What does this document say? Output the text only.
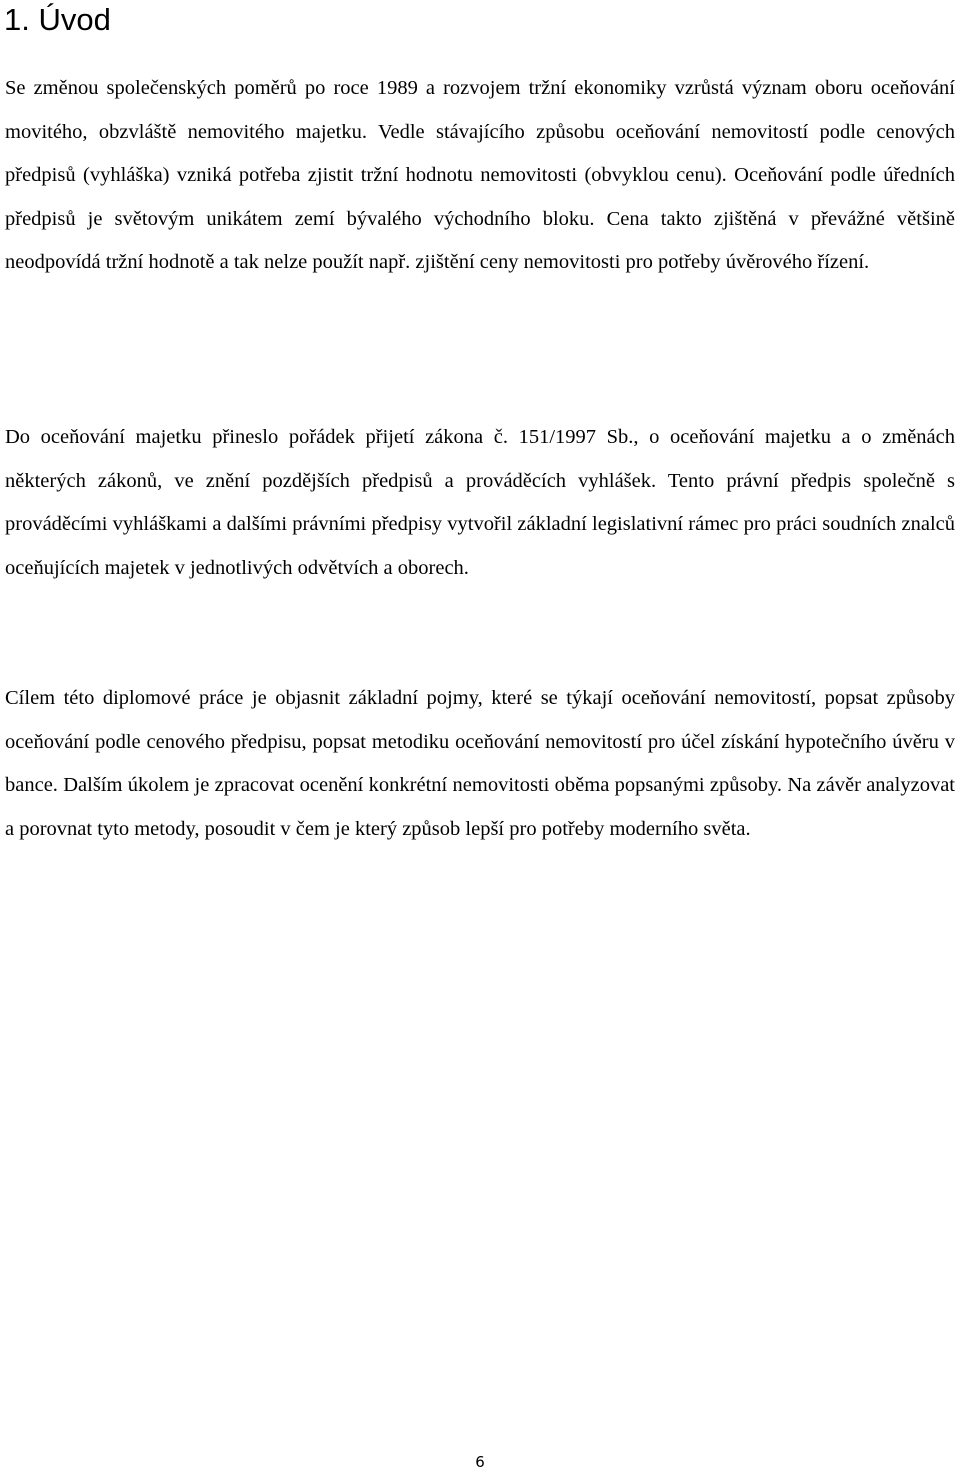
1. Úvod

Se změnou společenských poměrů po roce 1989 a rozvojem tržní ekonomiky vzrůstá význam oboru oceňování movitého, obzvláště nemovitého majetku. Vedle stávajícího způsobu oceňování nemovitostí podle cenových předpisů (vyhláška) vzniká potřeba zjistit tržní hodnotu nemovitosti (obvyklou cenu). Oceňování podle úředních předpisů je světovým unikátem zemí bývalého východního bloku. Cena takto zjištěná v převážné většině neodpovídá tržní hodnotě a tak nelze použít např. zjištění ceny nemovitosti pro potřeby úvěrového řízení.

Do oceňování majetku přineslo pořádek přijetí zákona č. 151/1997 Sb., o oceňování majetku a o změnách některých zákonů, ve znění pozdějších předpisů a prováděcích vyhlášek. Tento právní předpis společně s prováděcími vyhláškami a dalšími právními předpisy vytvořil základní legislativní rámec pro práci soudních znalců oceňujících majetek v jednotlivých odvětvích a oborech.

Cílem této diplomové práce je objasnit základní pojmy, které se týkají oceňování nemovitostí, popsat způsoby oceňování podle cenového předpisu, popsat metodiku oceňování nemovitostí pro účel získání hypotečního úvěru v bance. Dalším úkolem je zpracovat ocenění konkrétní nemovitosti oběma popsanými způsoby. Na závěr analyzovat a porovnat tyto metody, posoudit v čem je který způsob lepší pro potřeby moderního světa.

6
